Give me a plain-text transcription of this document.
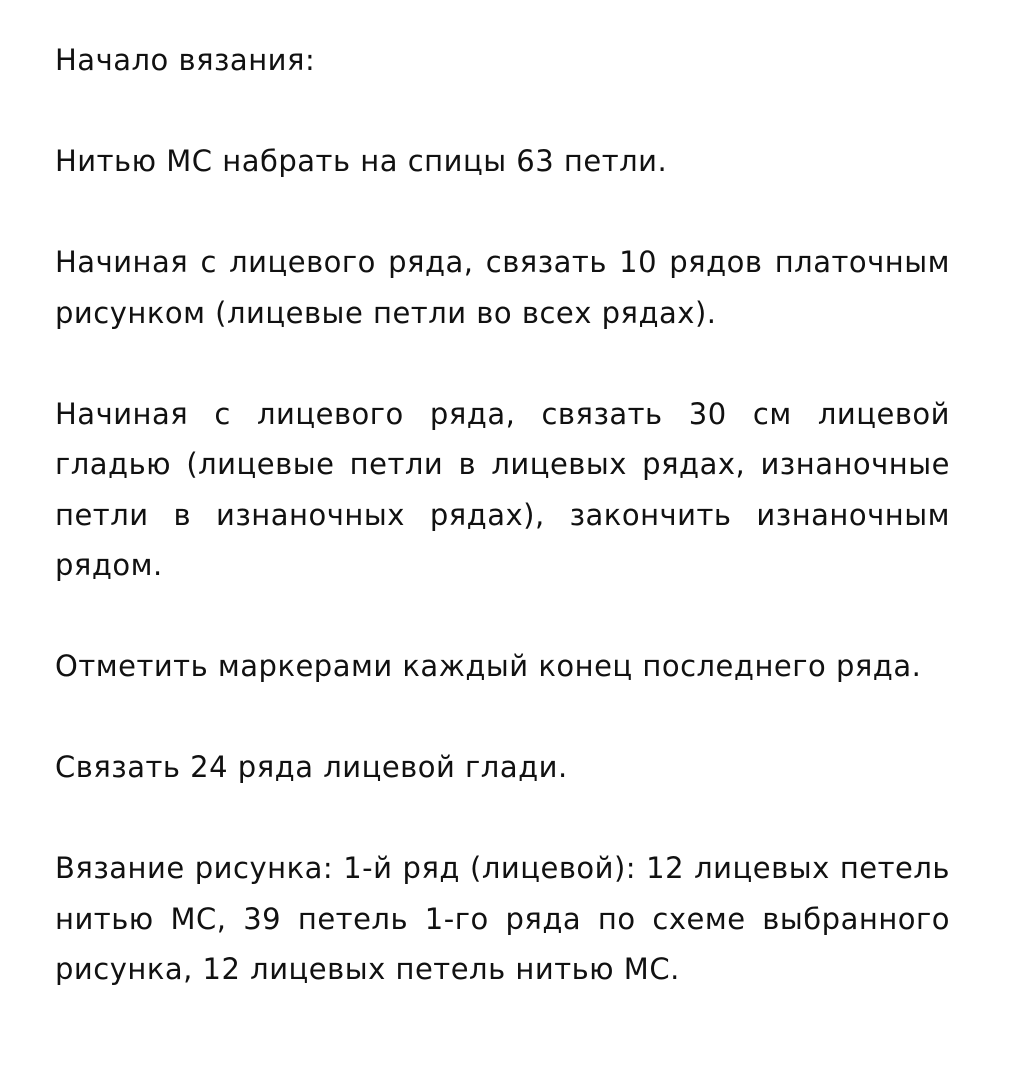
Начало вязания:

Нитью МС набрать на спицы 63 петли.

Начиная с лицевого ряда, связать 10 рядов платочным рисунком (лицевые петли во всех рядах).

Начиная с лицевого ряда, связать 30 см лицевой гладью (лицевые петли в лицевых рядах, изнаночные петли в изнаночных рядах), закончить изнаночным рядом.

Отметить маркерами каждый конец последнего ряда.

Связать 24 ряда лицевой глади.

Вязание рисунка: 1-й ряд (лицевой): 12 лицевых петель нитью МС, 39 петель 1-го ряда по схеме выбранного рисунка, 12 лицевых петель нитью МС.
